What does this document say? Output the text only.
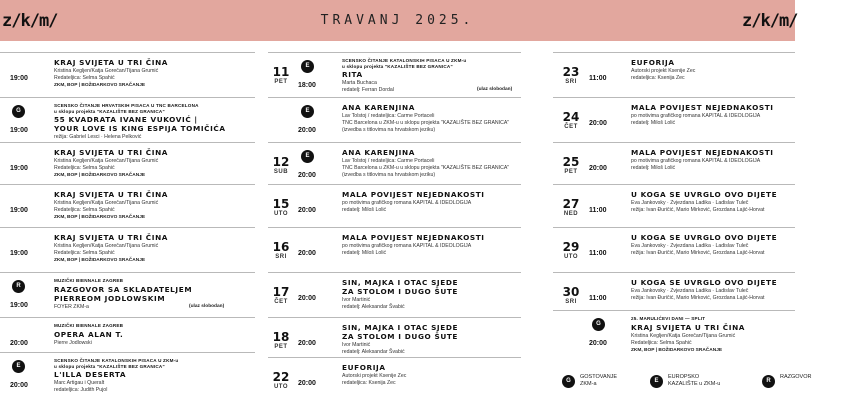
z/k/m/	z/k/m/
TRAVANJ 2025.
19:00
KRAJ SVIJETA U TRI ČINA
Kristina Kegljen/Katja Gorečan/Tijana Grumić
Redateljica: Selma Spahić
ZKM, BOP | BOŽIDARKOVO SRAČANJE
G
19:00
SCENSKO ČITANJE HRVATSKIH PISACA U TNC BARCELONA
u sklopu projekta "KAZALIŠTE BEZ GRANICA"
55 KVADRATA IVANE VUKOVIĆ |
YOUR LOVE IS KING ESPIJA TOMIČIĆA
režija: Gabriel Lesci · Helena Pelković
19:00
KRAJ SVIJETA U TRI ČINA
Kristina Kegljen/Katja Gorečan/Tijana Grumić
Redateljica: Selma Spahić
ZKM, BOP | BOŽIDARKOVO SRAČANJE
19:00
KRAJ SVIJETA U TRI ČINA
Kristina Kegljen/Katja Gorečan/Tijana Grumić
Redateljica: Selma Spahić
ZKM, BOP | BOŽIDARKOVO SRAČANJE
19:00
KRAJ SVIJETA U TRI ČINA
Kristina Kegljen/Katja Gorečan/Tijana Grumić
Redateljica: Selma Spahić
ZKM, BOP | BOŽIDARKOVO SRAČANJE
R
19:00
MUZIČKI BIENNALE ZAGREB
RAZGOVOR SA SKLADATELJEM
PIERREOM JODLOWSKIM
FOYER ZKM-a	(ulaz slobodan)
20:00
MUZIČKI BIENNALE ZAGREB
OPERA ALAN T.
Pierre Jodlowski
E
20:00
SCENSKO ČITANJE KATALONSKIH PISACA U ZKM-u
u sklopu projekta "KAZALIŠTE BEZ GRANICA"
L'ILLA DESERTA
Marc Artigau i Queralt
redateljica: Judith Pujol
11
PET
E
18:00
SCENSKO ČITANJE KATALONSKIH PISACA U ZKM-u
u sklopu projekta "KAZALIŠTE BEZ GRANICA"
RITA
Marta Buchaca
redatelj: Ferran Dordal	(ulaz slobodan)
E
20:00
ANA KARENJINA
Lav Tolstoj / redateljica: Carme Portaceli
TNC Barcelona u ZKM-u u sklopu projekta "KAZALIŠTE BEZ GRANICA"
(izvedba s titlovima na hrvatskom jeziku)
12
SUB
E
20:00
ANA KARENJINA
Lav Tolstoj / redateljica: Carme Portaceli
TNC Barcelona u ZKM-u u sklopu projekta "KAZALIŠTE BEZ GRANICA"
(izvedba s titlovima na hrvatskom jeziku)
15
UTO	20:00
MALA POVIJEST NEJEDNAKOSTI
po motivima grafičkog romana KAPITAL & IDEOLOGIJA
redatelj: Miloš Lolić
16
SRI	20:00
MALA POVIJEST NEJEDNAKOSTI
po motivima grafičkog romana KAPITAL & IDEOLOGIJA
redatelj: Miloš Lolić
17
ČET	20:00
SIN, MAJKA I OTAC SJEDE
ZA STOLOM I DUGO ŠUTE
Ivor Martinić
redatelj: Aleksandar Švabić
18
PET	20:00
SIN, MAJKA I OTAC SJEDE
ZA STOLOM I DUGO ŠUTE
Ivor Martinić
redatelj: Aleksandar Švabić
22
UTO	20:00
EUFORIJA
Autorski projekt Ksenije Zec
redateljica: Ksenija Zec
23
SRI	11:00
EUFORIJA
Autorski projekt Ksenije Zec
redateljica: Ksenija Zec
24
ČET	20:00
MALA POVIJEST NEJEDNAKOSTI
po motivima grafičkog romana KAPITAL & IDEOLOGIJA
redatelj: Miloš Lolić
25
PET	20:00
MALA POVIJEST NEJEDNAKOSTI
po motivima grafičkog romana KAPITAL & IDEOLOGIJA
redatelj: Miloš Lolić
27
NED	11:00
U KOGA SE UVRGLO OVO DIJETE
Eva Jankovsky · Zvjezdana Ladika · Ladislav Tuleč
režija: Ivan Đuričić, Mario Mirković, Grozdana Lajić-Horvat
29
UTO	11:00
U KOGA SE UVRGLO OVO DIJETE
Eva Jankovsky · Zvjezdana Ladika · Ladislav Tuleč
režija: Ivan Đuričić, Mario Mirković, Grozdana Lajić-Horvat
30
SRI	11:00
U KOGA SE UVRGLO OVO DIJETE
Eva Jankovsky · Zvjezdana Ladika · Ladislav Tuleč
režija: Ivan Đuričić, Mario Mirković, Grozdana Lajić-Horvat
G
20:00
25. MARULIĆEVI DANI — SPLIT
KRAJ SVIJETA U TRI ČINA
Kristina Kegljen/Katja Gorečan/Tijana Grumić
Redateljica: Selma Spahić
ZKM, BOP | BOŽIDARKOVO SRAČANJE
G
GOSTOVANJE
ZKM-a	E
EUROPSKO
KAZALIŠTE u ZKM-u	R
RAZGOVOR
